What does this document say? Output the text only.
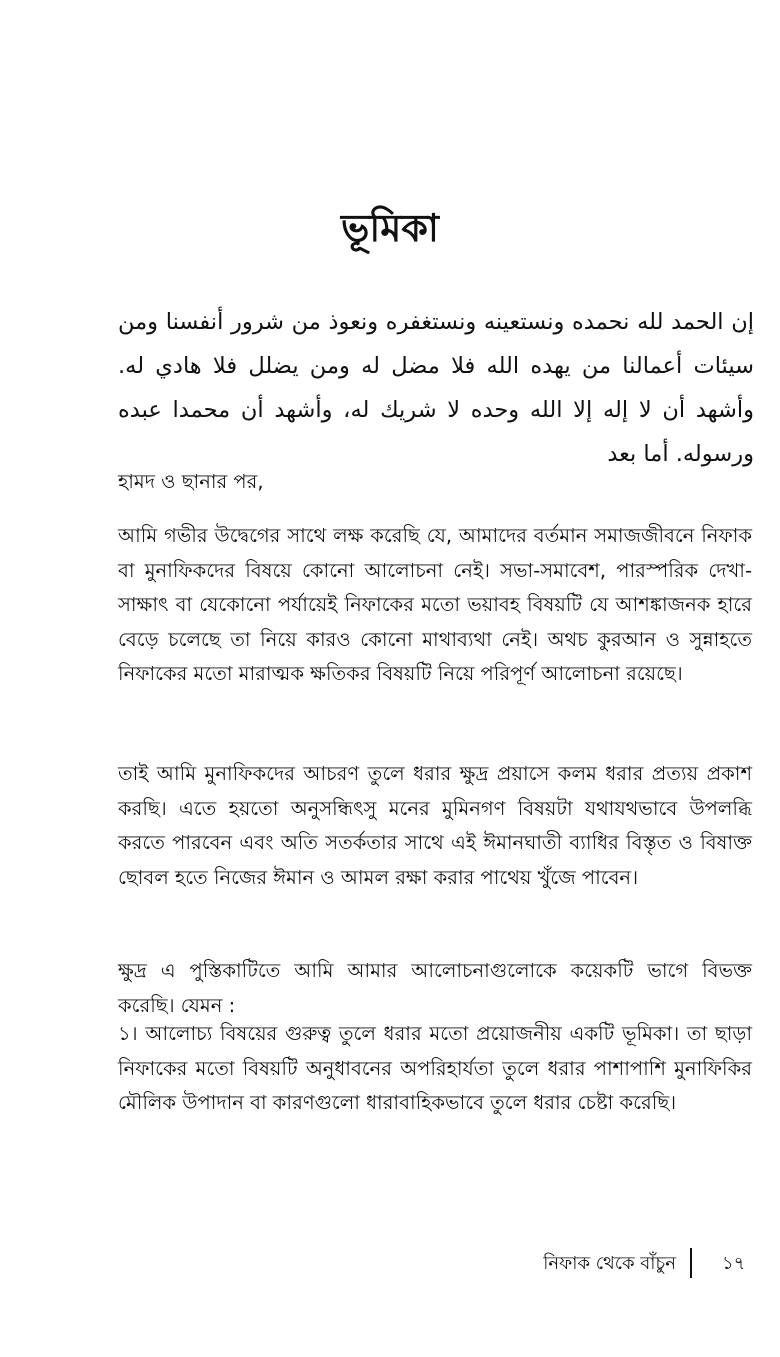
ভূমিকা

إن الحمد لله نحمده ونستعينه ونستغفره ونعوذ من شرور أنفسنا ومن سيئات أعمالنا من يهده الله فلا مضل له ومن يضلل فلا هادي له. وأشهد أن لا إله إلا الله وحده لا شريك له، وأشهد أن محمدا عبده ورسوله. أما بعد

হামদ ও ছানার পর,

আমি গভীর উদ্বেগের সাথে লক্ষ করেছি যে, আমাদের বর্তমান সমাজজীবনে নিফাক বা মুনাফিকদের বিষয়ে কোনো আলোচনা নেই। সভা-সমাবেশ, পারস্পরিক দেখা-সাক্ষাৎ বা যেকোনো পর্যায়েই নিফাকের মতো ভয়াবহ বিষয়টি যে আশঙ্কাজনক হারে বেড়ে চলেছে তা নিয়ে কারও কোনো মাথাব্যথা নেই। অথচ কুরআন ও সুন্নাহতে নিফাকের মতো মারাত্মক ক্ষতিকর বিষয়টি নিয়ে পরিপূর্ণ আলোচনা রয়েছে।

তাই আমি মুনাফিকদের আচরণ তুলে ধরার ক্ষুদ্র প্রয়াসে কলম ধরার প্রত্যয় প্রকাশ করছি। এতে হয়তো অনুসন্ধিৎসু মনের মুমিনগণ বিষয়টা যথাযথভাবে উপলব্ধি করতে পারবেন এবং অতি সতর্কতার সাথে এই ঈমানঘাতী ব্যাধির বিস্তৃত ও বিষাক্ত ছোবল হতে নিজের ঈমান ও আমল রক্ষা করার পাথেয় খুঁজে পাবেন।

ক্ষুদ্র এ পুস্তিকাটিতে আমি আমার আলোচনাগুলোকে কয়েকটি ভাগে বিভক্ত করেছি। যেমন :

১। আলোচ্য বিষয়ের গুরুত্ব তুলে ধরার মতো প্রয়োজনীয় একটি ভূমিকা। তা ছাড়া নিফাকের মতো বিষয়টি অনুধাবনের অপরিহার্যতা তুলে ধরার পাশাপাশি মুনাফিকির মৌলিক উপাদান বা কারণগুলো ধারাবাহিকভাবে তুলে ধরার চেষ্টা করেছি।

নিফাক থেকে বাঁচুন	১৭
